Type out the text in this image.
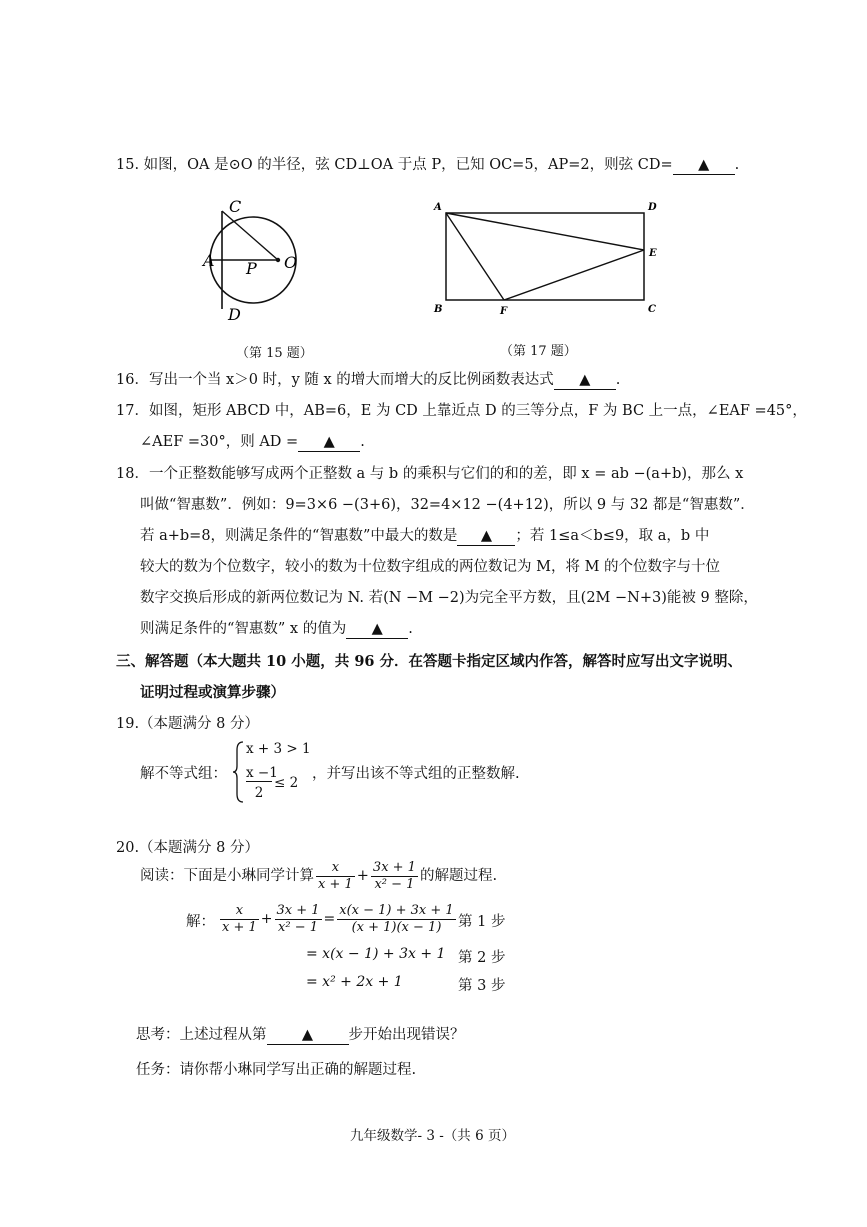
15. 如图，OA 是⊙O 的半径，弦 CD⊥OA 于点 P，已知 OC=5，AP=2，则弦 CD= ▲ .
C
A P O
D
（第 15 题）
A	D
E
B	F	C
（第 17 题）
16．写出一个当 x＞0 时，y 随 x 的增大而增大的反比例函数表达式 ▲ .
17．如图，矩形 ABCD 中，AB=6，E 为 CD 上靠近点 D 的三等分点，F 为 BC 上一点，∠EAF =45°，
∠AEF =30°，则 AD = ▲ .
18．一个正整数能够写成两个正整数 a 与 b 的乘积与它们的和的差，即 x = ab −(a+b)，那么 x
叫做“智惠数”．例如：9=3×6 −(3+6)，32=4×12 −(4+12)，所以 9 与 32 都是“智惠数”．
若 a+b=8，则满足条件的“智惠数”中最大的数是 ▲ ；若 1≤a＜b≤9，取 a，b 中
较大的数为个位数字，较小的数为十位数字组成的两位数记为 M，将 M 的个位数字与十位
数字交换后形成的新两位数记为 N. 若(N −M −2)为完全平方数，且(2M −N+3)能被 9 整除，
则满足条件的“智惠数” x 的值为 ▲ .
三、解答题（本大题共 10 小题，共 96 分．在答题卡指定区域内作答，解答时应写出文字说明、
证明过程或演算步骤）
19.（本题满分 8 分）
解不等式组：
x + 3 > 1
x −1
2
≤ 2
，并写出该不等式组的正整数解.
20.（本题满分 8 分）
阅读：下面是小琳同学计算 $\frac{x}{x + 1} + \frac{3x + 1}{\text{x² − 1}}$ 的解题过程.
解： $\frac{x}{x + 1} + \frac{3x + 1}{\text{x² − 1}} = \frac{x(x - 1) + 3x + 1}{(x + 1)(x - 1)}$ 第 1 步
= x(x − 1) + 3x + 1 第 2 步
= x² + 2x + 1	第 3 步
思考：上述过程从第 ▲ 步开始出现错误？
任务：请你帮小琳同学写出正确的解题过程.
九年级数学- 3 -（共 6 页）
